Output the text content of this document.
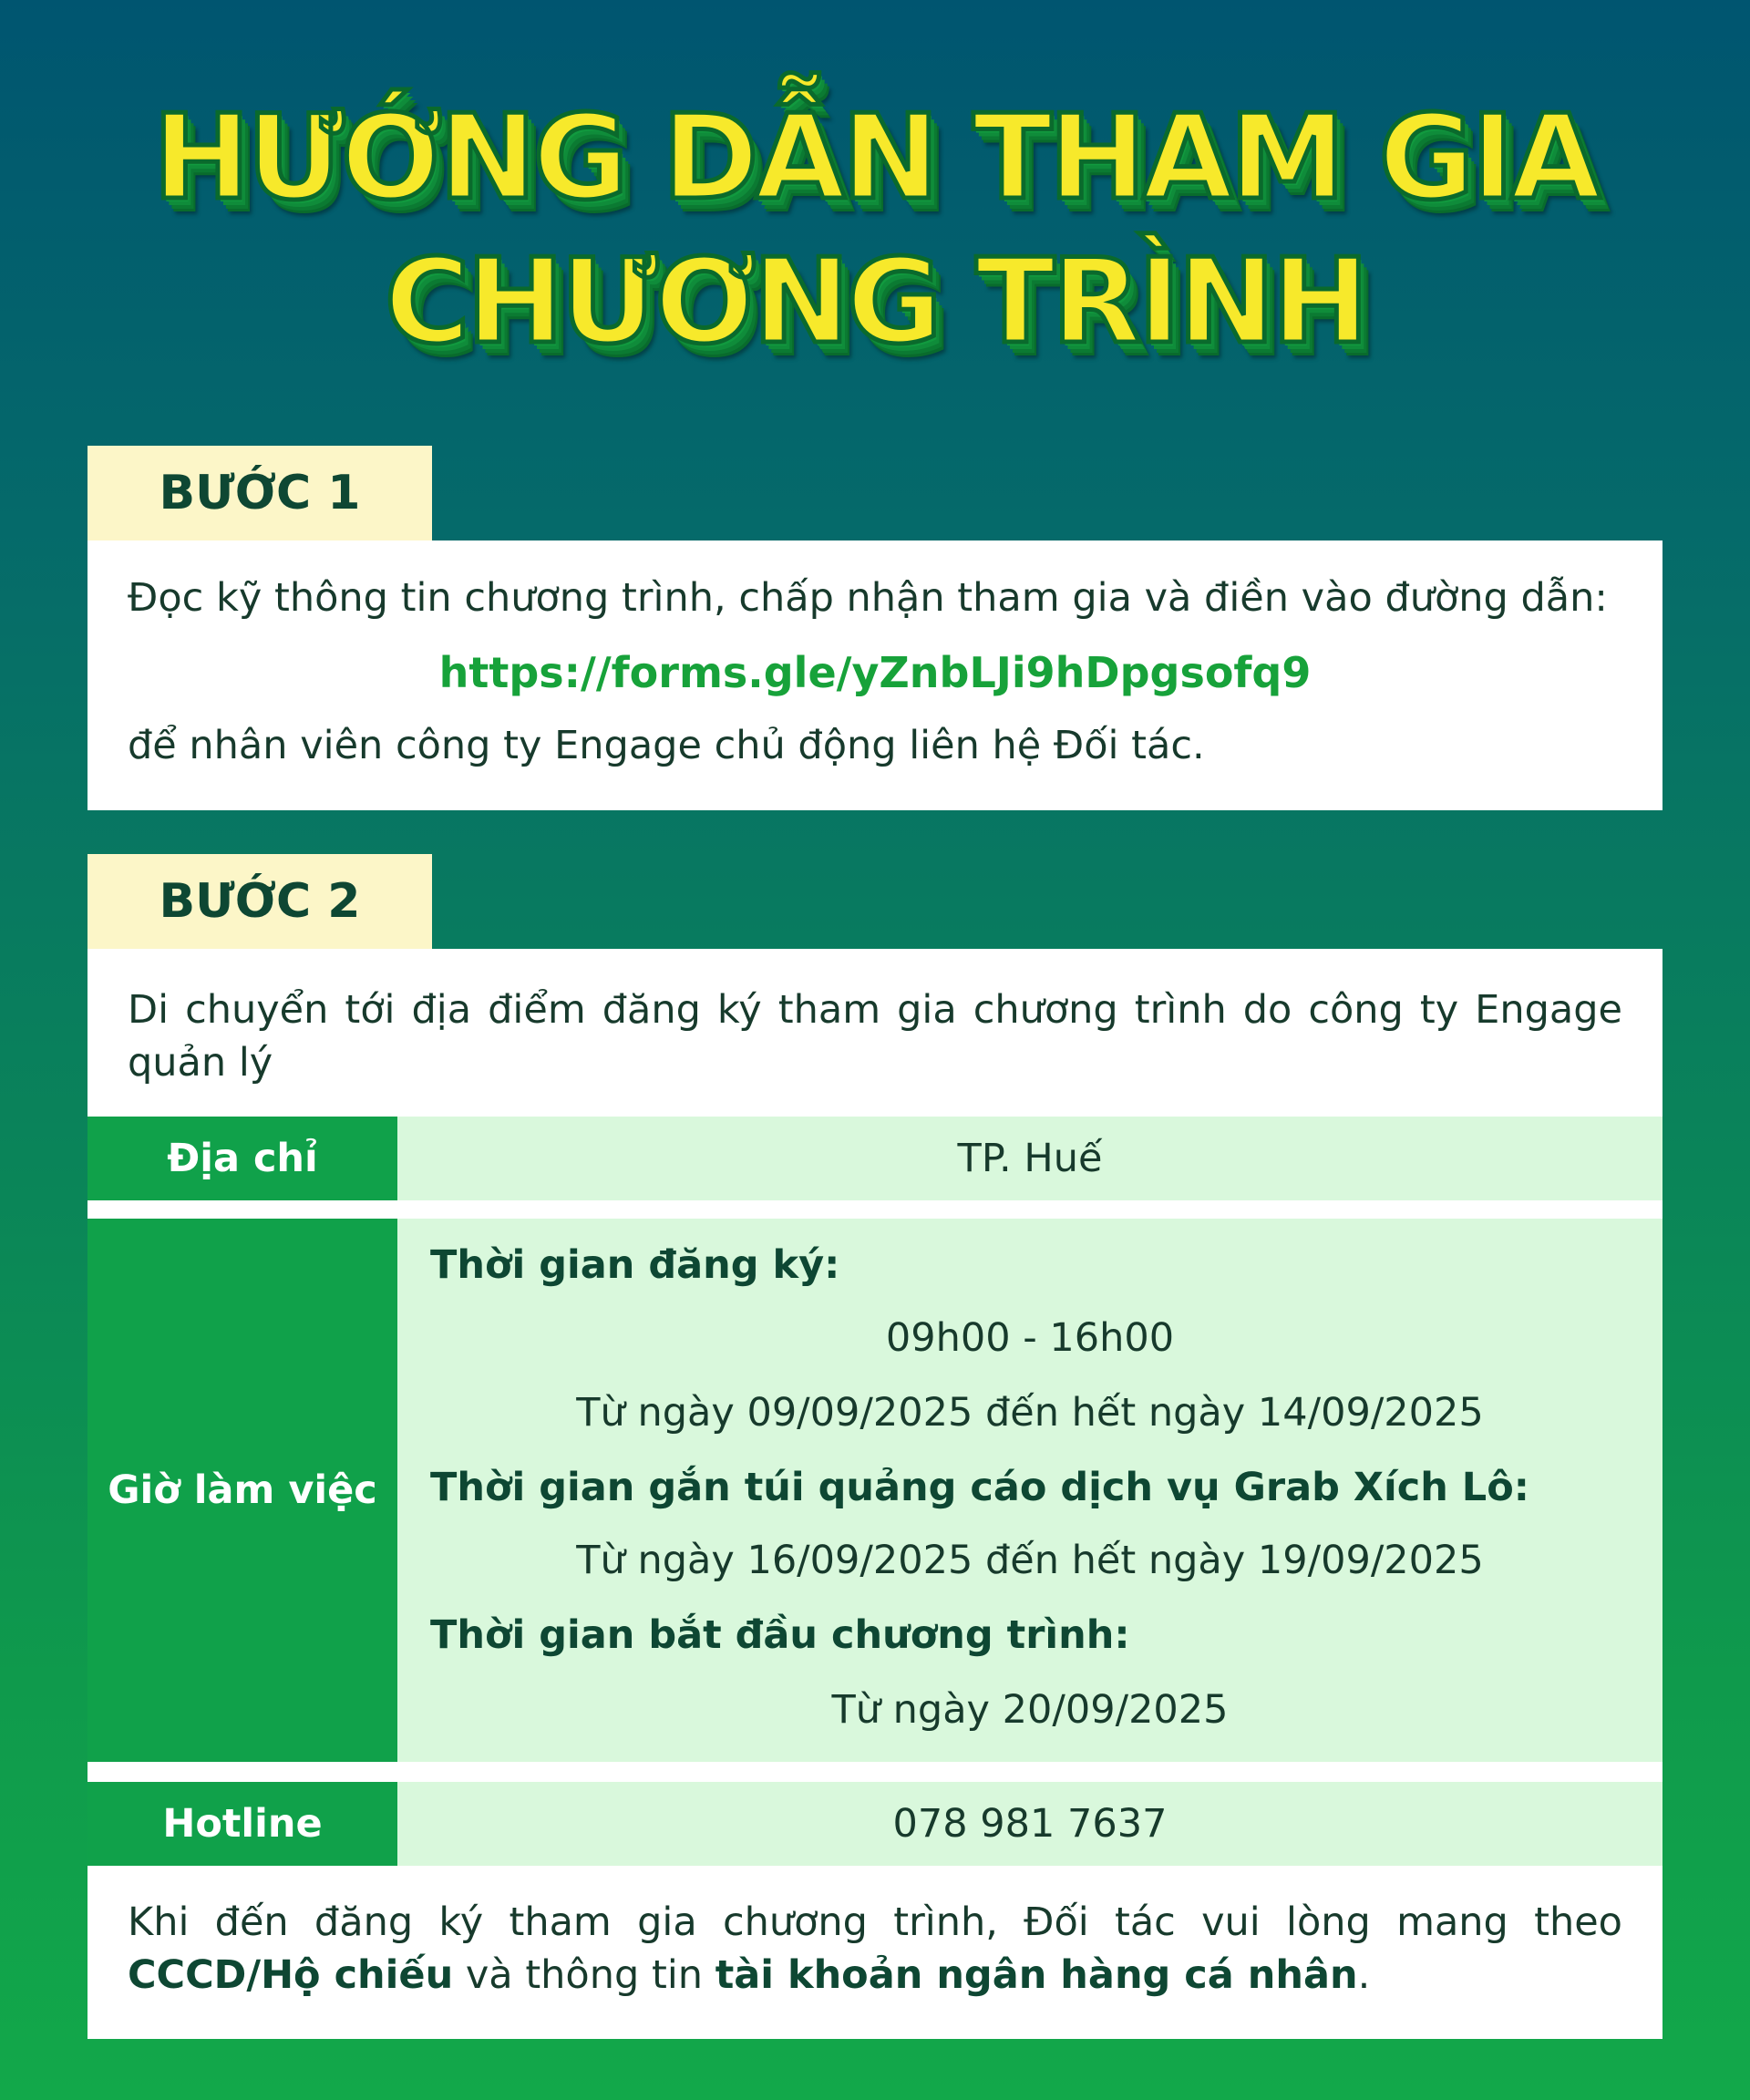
HƯỚNG DẪN THAM GIA
CHƯƠNG TRÌNH
BƯỚC 1
Đọc kỹ thông tin chương trình, chấp nhận tham gia và điền vào đường dẫn:
https://forms.gle/yZnbLJi9hDpgsofq9
để nhân viên công ty Engage chủ động liên hệ Đối tác.
BƯỚC 2
Di chuyển tới địa điểm đăng ký tham gia chương trình do công ty Engage quản lý
Địa chỉ	TP. Huế
Giờ làm việc
Thời gian đăng ký:
09h00 - 16h00
Từ ngày 09/09/2025 đến hết ngày 14/09/2025
Thời gian gắn túi quảng cáo dịch vụ Grab Xích Lô:
Từ ngày 16/09/2025 đến hết ngày 19/09/2025
Thời gian bắt đầu chương trình:
Từ ngày 20/09/2025
Hotline	078 981 7637
Khi đến đăng ký tham gia chương trình, Đối tác vui lòng mang theo CCCD/Hộ chiếu và thông tin tài khoản ngân hàng cá nhân.
